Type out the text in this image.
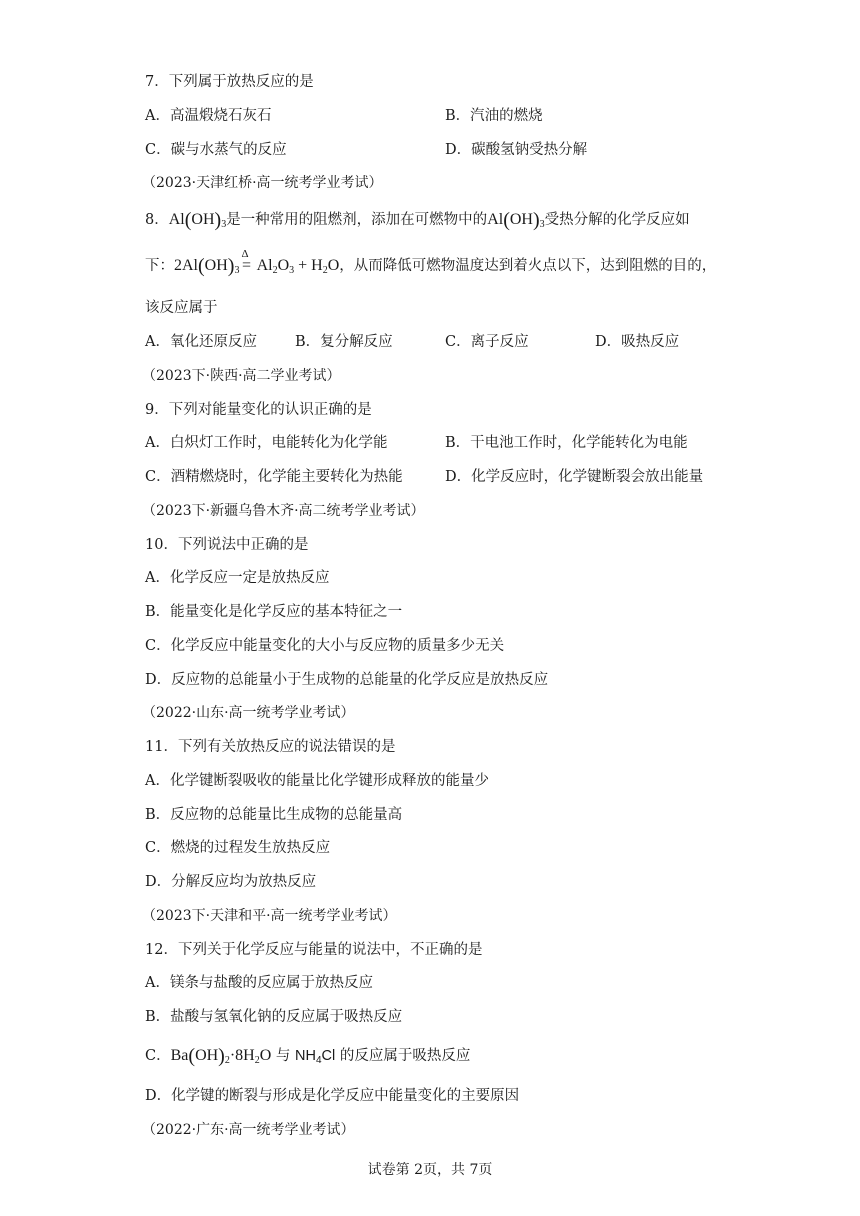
7．下列属于放热反应的是
A．高温煅烧石灰石	B．汽油的燃烧
C．碳与水蒸气的反应	D．碳酸氢钠受热分解
（2023·天津红桥·高一统考学业考试）
8．$Al(OH)_3$是一种常用的阻燃剂，添加在可燃物中的$Al(OH)_3$受热分解的化学反应如
下：$2Al(OH)_3$
Δ
= $Al_2O_3 + H_2O$，从而降低可燃物温度达到着火点以下，达到阻燃的目的，
该反应属于
A．氧化还原反应	B．复分解反应	C．离子反应	D．吸热反应
（2023下·陕西·高二学业考试）
9．下列对能量变化的认识正确的是
A．白炽灯工作时，电能转化为化学能	B．干电池工作时，化学能转化为电能
C．酒精燃烧时，化学能主要转化为热能	D．化学反应时，化学键断裂会放出能量
（2023下·新疆乌鲁木齐·高二统考学业考试）
10．下列说法中正确的是
A．化学反应一定是放热反应
B．能量变化是化学反应的基本特征之一
C．化学反应中能量变化的大小与反应物的质量多少无关
D．反应物的总能量小于生成物的总能量的化学反应是放热反应
（2022·山东·高一统考学业考试）
11．下列有关放热反应的说法错误的是
A．化学键断裂吸收的能量比化学键形成释放的能量少
B．反应物的总能量比生成物的总能量高
C．燃烧的过程发生放热反应
D．分解反应均为放热反应
（2023下·天津和平·高一统考学业考试）
12．下列关于化学反应与能量的说法中，不正确的是
A．镁条与盐酸的反应属于放热反应
B．盐酸与氢氧化钠的反应属于吸热反应
C．$Ba(OH)_2\cdot 8H_2O$ 与 $NH_4Cl$ 的反应属于吸热反应
D．化学键的断裂与形成是化学反应中能量变化的主要原因
（2022·广东·高一统考学业考试）
试卷第 2页，共 7页
